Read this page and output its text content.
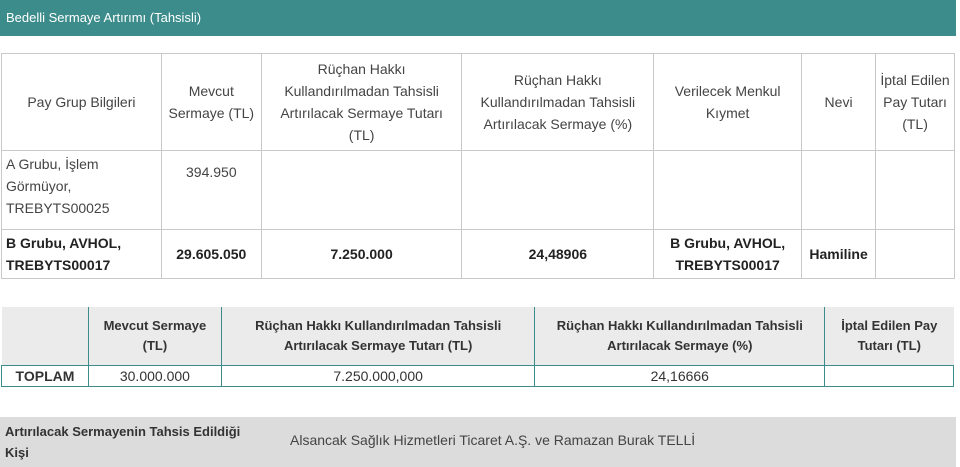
Bedelli Sermaye Artırımı (Tahsisli)
Pay Grup Bilgileri	Mevcut Sermaye (TL)	Rüçhan Hakkı Kullandırılmadan Tahsisli Artırılacak Sermaye Tutarı (TL)	Rüçhan Hakkı Kullandırılmadan Tahsisli Artırılacak Sermaye (%)	Verilecek Menkul Kıymet	Nevi	İptal Edilen Pay Tutarı (TL)
A Grubu, İşlem Görmüyor, TREBYTS00025	394.950					
B Grubu, AVHOL, TREBYTS00017	29.605.050	7.250.000	24,48906	B Grubu, AVHOL, TREBYTS00017	Hamiline	
	Mevcut Sermaye (TL)	Rüçhan Hakkı Kullandırılmadan Tahsisli Artırılacak Sermaye Tutarı (TL)	Rüçhan Hakkı Kullandırılmadan Tahsisli Artırılacak Sermaye (%)	İptal Edilen Pay Tutarı (TL)
TOPLAM	30.000.000	7.250.000,000	24,16666	
Artırılacak Sermayenin Tahsis Edildiği Kişi
Alsancak Sağlık Hizmetleri Ticaret A.Ş. ve Ramazan Burak TELLİ
